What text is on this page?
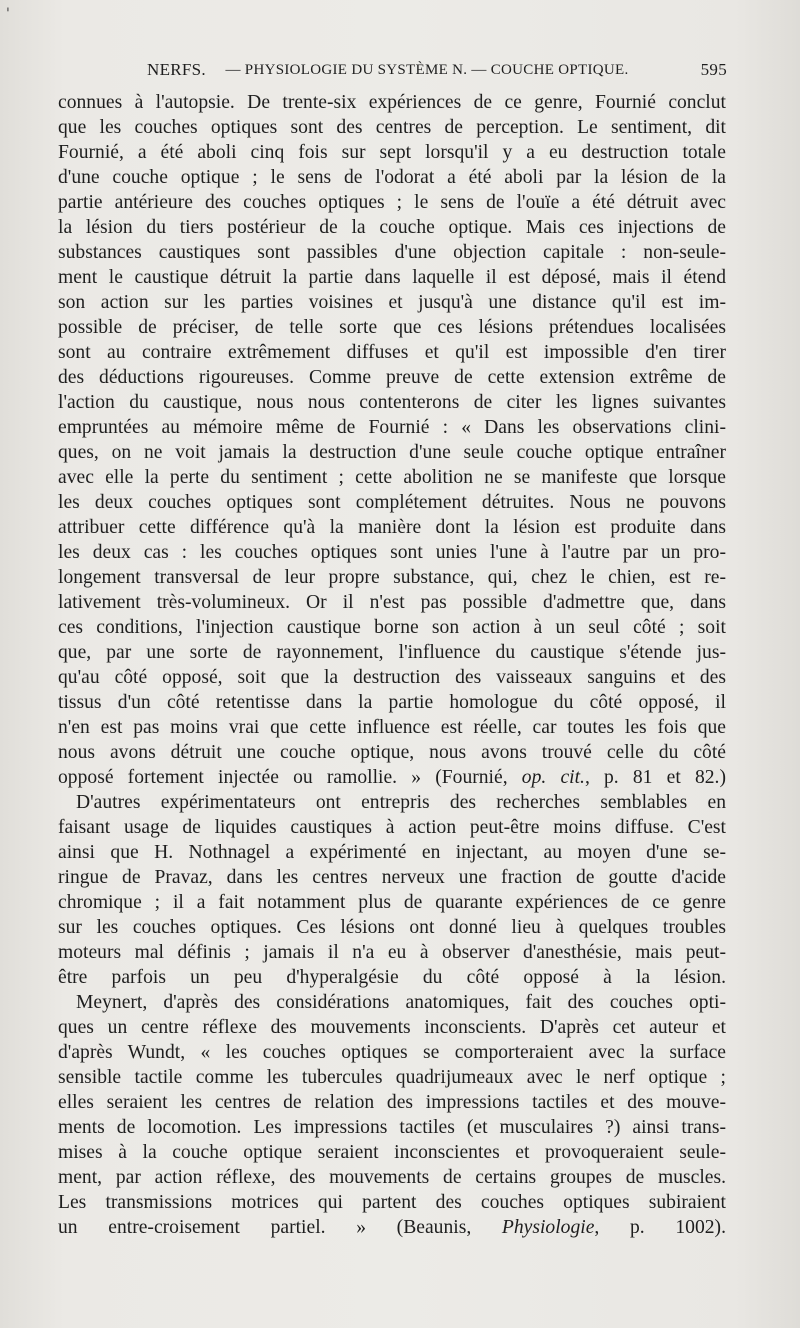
'
NERFS.	— PHYSIOLOGIE DU SYSTÈME N. — COUCHE OPTIQUE.	595
connues à l'autopsie. De trente-six expériences de ce genre, Fournié conclut
que les couches optiques sont des centres de perception. Le sentiment, dit
Fournié, a été aboli cinq fois sur sept lorsqu'il y a eu destruction totale
d'une couche optique ; le sens de l'odorat a été aboli par la lésion de la
partie antérieure des couches optiques ; le sens de l'ouïe a été détruit avec
la lésion du tiers postérieur de la couche optique. Mais ces injections de
substances caustiques sont passibles d'une objection capitale : non-seule-
ment le caustique détruit la partie dans laquelle il est déposé, mais il étend
son action sur les parties voisines et jusqu'à une distance qu'il est im-
possible de préciser, de telle sorte que ces lésions prétendues localisées
sont au contraire extrêmement diffuses et qu'il est impossible d'en tirer
des déductions rigoureuses. Comme preuve de cette extension extrême de
l'action du caustique, nous nous contenterons de citer les lignes suivantes
empruntées au mémoire même de Fournié : « Dans les observations clini-
ques, on ne voit jamais la destruction d'une seule couche optique entraîner
avec elle la perte du sentiment ; cette abolition ne se manifeste que lorsque
les deux couches optiques sont complétement détruites. Nous ne pouvons
attribuer cette différence qu'à la manière dont la lésion est produite dans
les deux cas : les couches optiques sont unies l'une à l'autre par un pro-
longement transversal de leur propre substance, qui, chez le chien, est re-
lativement très-volumineux. Or il n'est pas possible d'admettre que, dans
ces conditions, l'injection caustique borne son action à un seul côté ; soit
que, par une sorte de rayonnement, l'influence du caustique s'étende jus-
qu'au côté opposé, soit que la destruction des vaisseaux sanguins et des
tissus d'un côté retentisse dans la partie homologue du côté opposé, il
n'en est pas moins vrai que cette influence est réelle, car toutes les fois que
nous avons détruit une couche optique, nous avons trouvé celle du côté
opposé fortement injectée ou ramollie. » (Fournié, op. cit., p. 81 et 82.)
D'autres expérimentateurs ont entrepris des recherches semblables en
faisant usage de liquides caustiques à action peut-être moins diffuse. C'est
ainsi que H. Nothnagel a expérimenté en injectant, au moyen d'une se-
ringue de Pravaz, dans les centres nerveux une fraction de goutte d'acide
chromique ; il a fait notamment plus de quarante expériences de ce genre
sur les couches optiques. Ces lésions ont donné lieu à quelques troubles
moteurs mal définis ; jamais il n'a eu à observer d'anesthésie, mais peut-
être parfois un peu d'hyperalgésie du côté opposé à la lésion.
Meynert, d'après des considérations anatomiques, fait des couches opti-
ques un centre réflexe des mouvements inconscients. D'après cet auteur et
d'après Wundt, « les couches optiques se comporteraient avec la surface
sensible tactile comme les tubercules quadrijumeaux avec le nerf optique ;
elles seraient les centres de relation des impressions tactiles et des mouve-
ments de locomotion. Les impressions tactiles (et musculaires ?) ainsi trans-
mises à la couche optique seraient inconscientes et provoqueraient seule-
ment, par action réflexe, des mouvements de certains groupes de muscles.
Les transmissions motrices qui partent des couches optiques subiraient
un entre-croisement partiel. » (Beaunis, Physiologie, p. 1002).
